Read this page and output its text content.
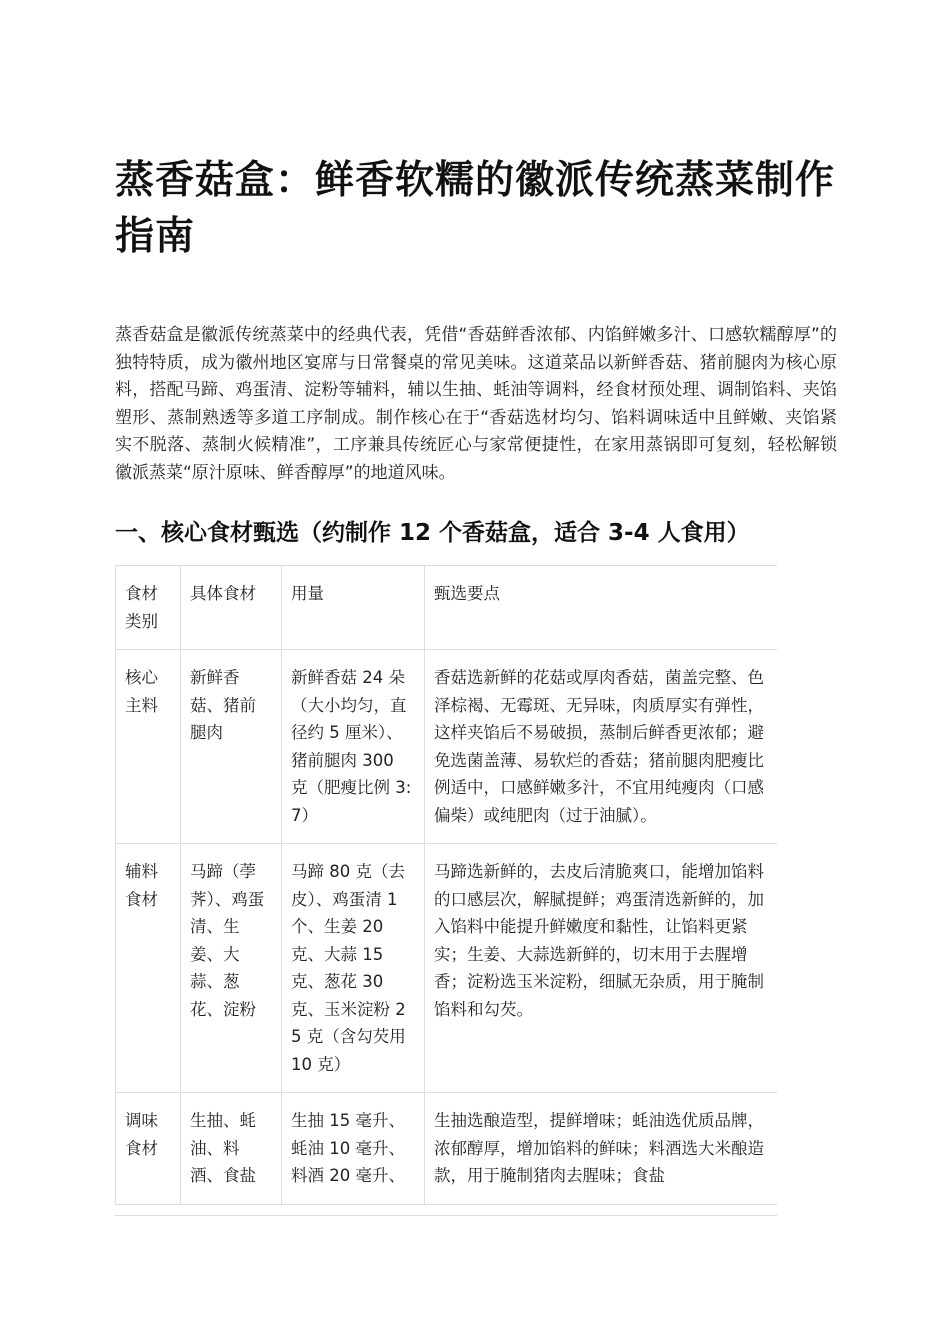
蒸香菇盒：鲜香软糯的徽派传统蒸菜制作指南

蒸香菇盒是徽派传统蒸菜中的经典代表，凭借“香菇鲜香浓郁、内馅鲜嫩多汁、口感软糯醇厚”的独特特质，成为徽州地区宴席与日常餐桌的常见美味。这道菜品以新鲜香菇、猪前腿肉为核心原料，搭配马蹄、鸡蛋清、淀粉等辅料，辅以生抽、蚝油等调料，经食材预处理、调制馅料、夹馅塑形、蒸制熟透等多道工序制成。制作核心在于“香菇选材均匀、馅料调味适中且鲜嫩、夹馅紧实不脱落、蒸制火候精准”，工序兼具传统匠心与家常便捷性，在家用蒸锅即可复刻，轻松解锁徽派蒸菜“原汁原味、鲜香醇厚”的地道风味。

一、核心食材甄选（约制作 12 个香菇盒，适合 3-4 人食用）
食材类别	具体食材	用量	甄选要点
核心主料	新鲜香菇、猪前腿肉	新鲜香菇 24 朵（大小均匀，直径约 5 厘米）、猪前腿肉 300 克（肥瘦比例 3:7）	香菇选新鲜的花菇或厚肉香菇，菌盖完整、色泽棕褐、无霉斑、无异味，肉质厚实有弹性，这样夹馅后不易破损，蒸制后鲜香更浓郁；避免选菌盖薄、易软烂的香菇；猪前腿肉肥瘦比例适中，口感鲜嫩多汁，不宜用纯瘦肉（口感偏柴）或纯肥肉（过于油腻）。
辅料食材	马蹄（荸荠）、鸡蛋清、生姜、大蒜、葱花、淀粉	马蹄 80 克（去皮）、鸡蛋清 1 个、生姜 20 克、大蒜 15 克、葱花 30 克、玉米淀粉 25 克（含勾芡用 10 克）	马蹄选新鲜的，去皮后清脆爽口，能增加馅料的口感层次，解腻提鲜；鸡蛋清选新鲜的，加入馅料中能提升鲜嫩度和黏性，让馅料更紧实；生姜、大蒜选新鲜的，切末用于去腥增香；淀粉选玉米淀粉，细腻无杂质，用于腌制馅料和勾芡。
调味食材	生抽、蚝油、料酒、食盐	生抽 15 毫升、蚝油 10 毫升、料酒 20 毫升、	生抽选酿造型，提鲜增味；蚝油选优质品牌，浓郁醇厚，增加馅料的鲜味；料酒选大米酿造款，用于腌制猪肉去腥味；食盐
